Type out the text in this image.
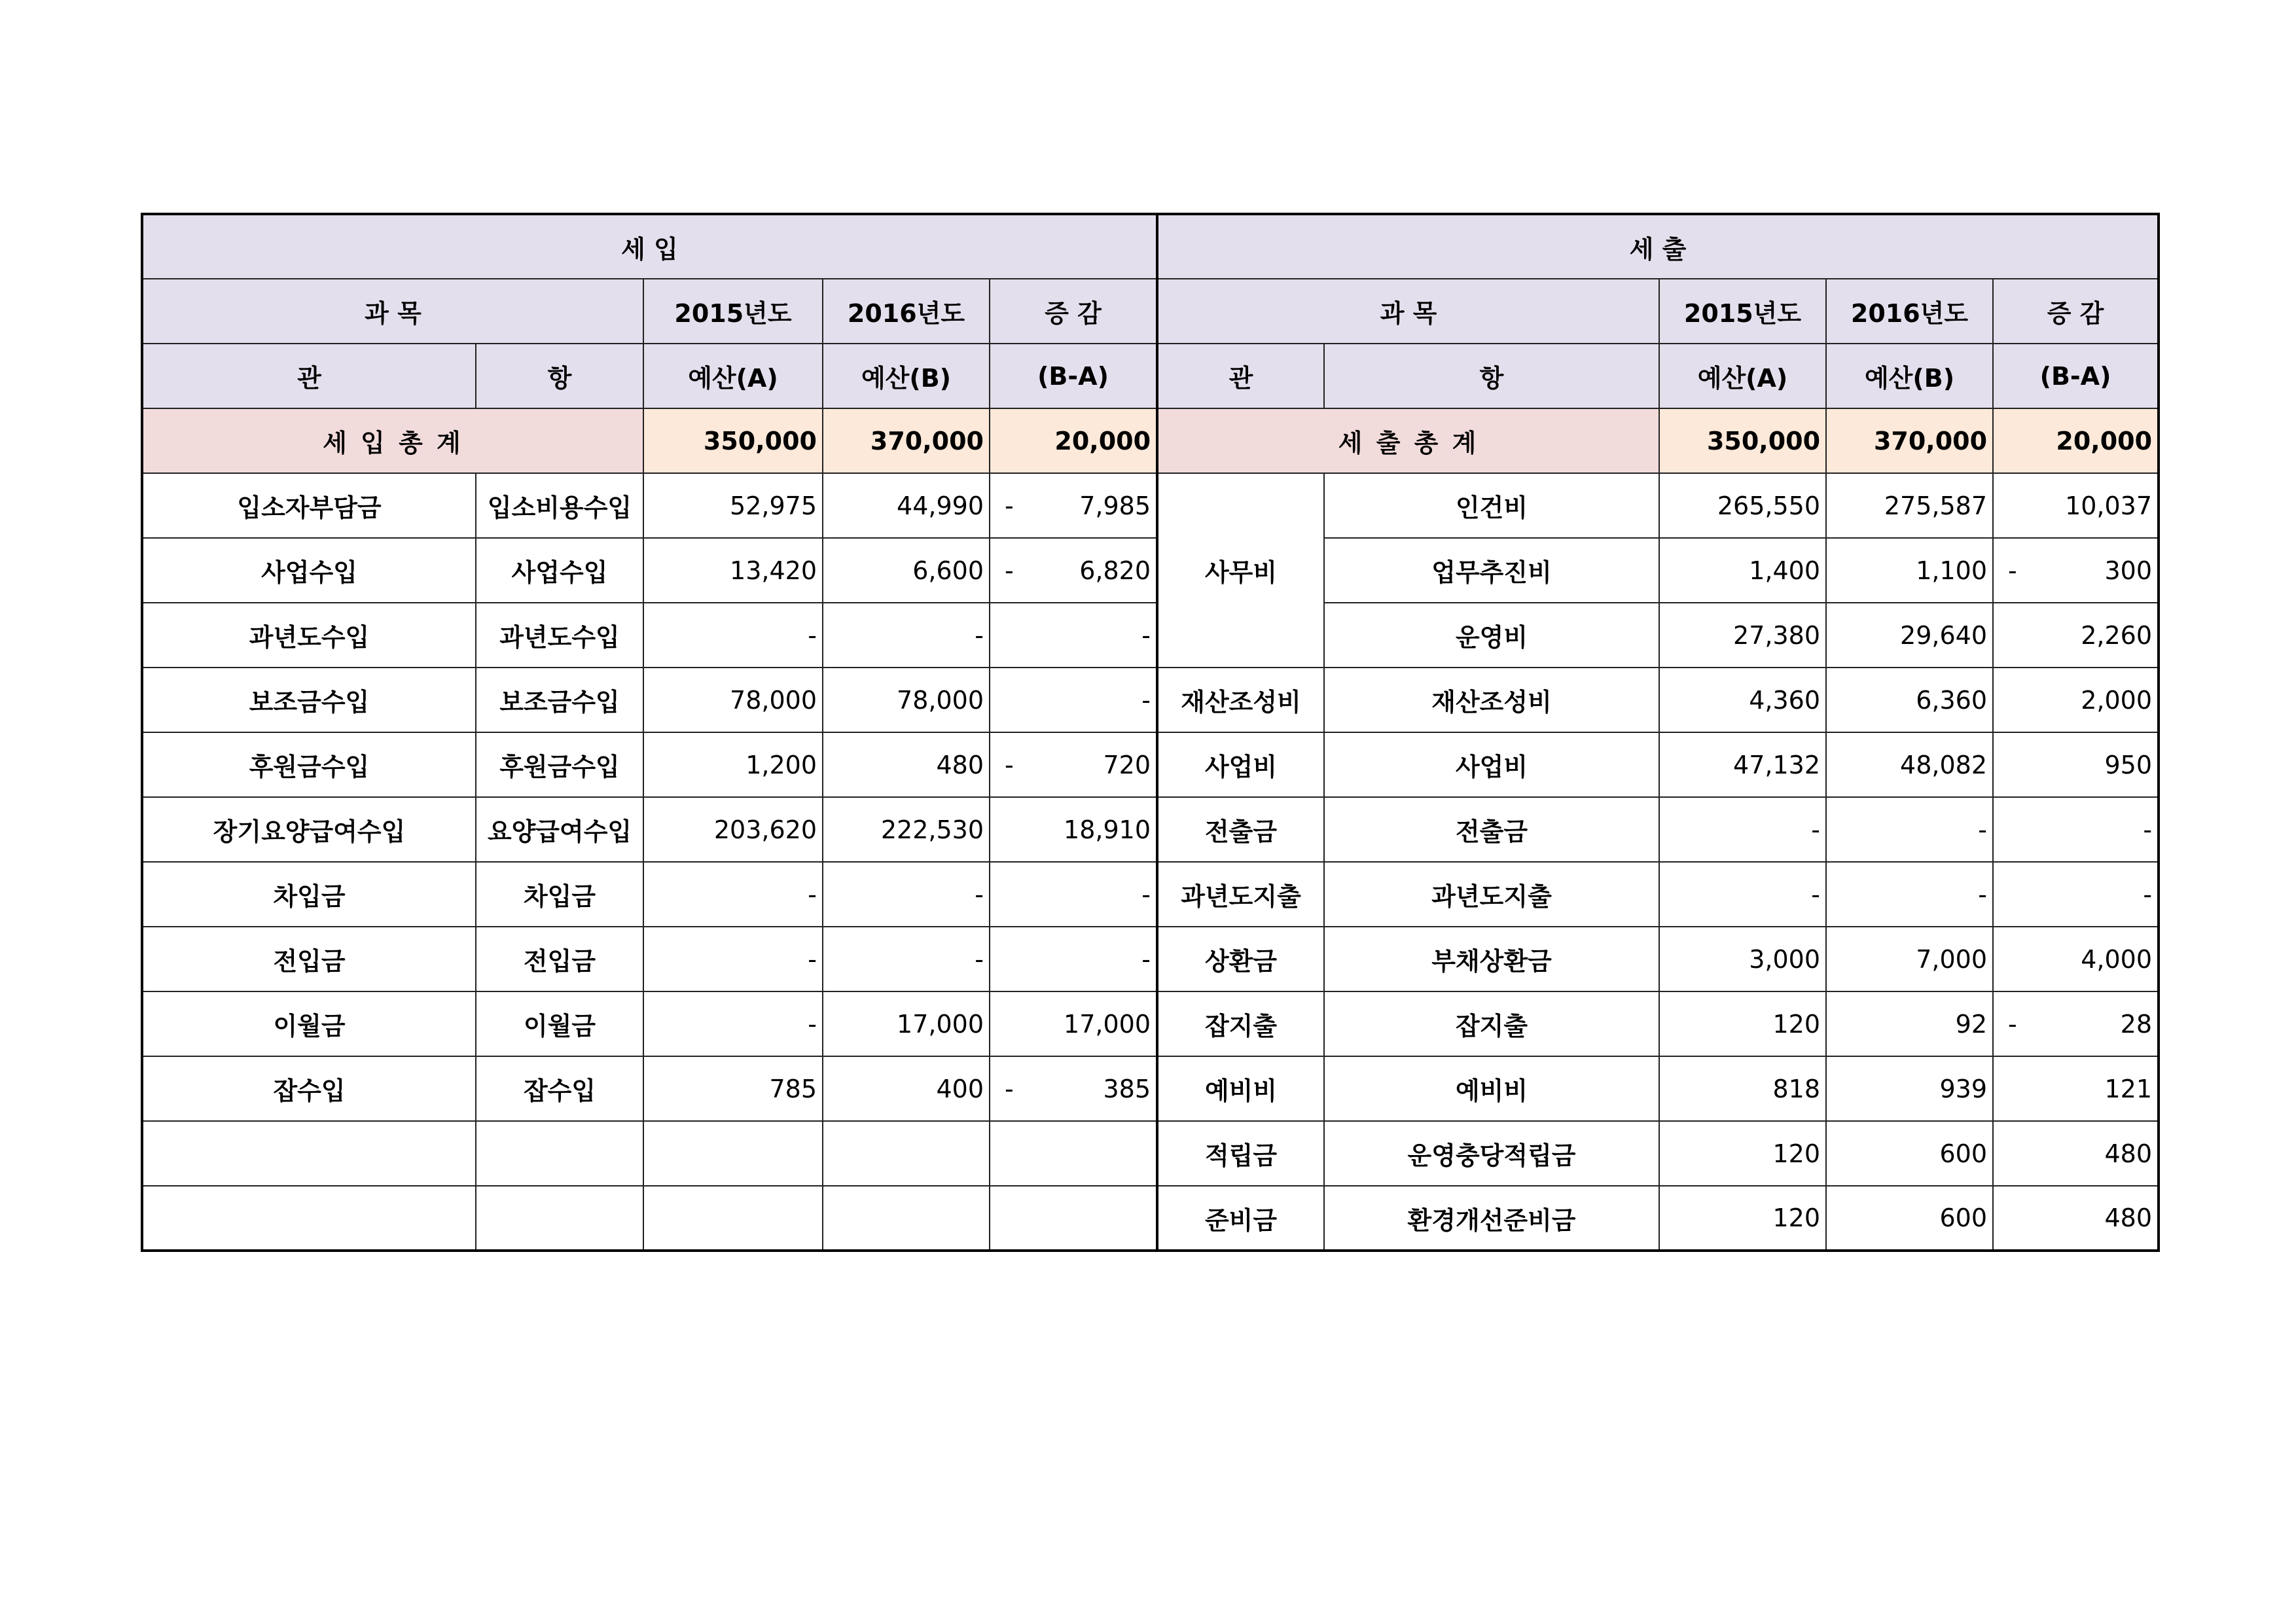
세 입					세 출				
과 목		2015년도	2016년도	증 감	과 목		2015년도	2016년도	증 감
관	항	예산(A)	예산(B)	(B-A)	관	항	예산(A)	예산(B)	(B-A)
세 입 총 계		350,000	370,000	20,000	세 출 총 계		350,000	370,000	20,000
입소자부담금	입소비용수입	52,975	44,990	- 7,985	사무비	인건비	265,550	275,587	10,037
사업수입	사업수입	13,420	6,600	- 6,820		업무추진비	1,400	1,100	- 300
과년도수입	과년도수입	-	-	-		운영비	27,380	29,640	2,260
보조금수입	보조금수입	78,000	78,000	-	재산조성비	재산조성비	4,360	6,360	2,000
후원금수입	후원금수입	1,200	480	- 720	사업비	사업비	47,132	48,082	950
장기요양급여수입	요양급여수입	203,620	222,530	18,910	전출금	전출금	-	-	-
차입금	차입금	-	-	-	과년도지출	과년도지출	-	-	-
전입금	전입금	-	-	-	상환금	부채상환금	3,000	7,000	4,000
이월금	이월금	-	17,000	17,000	잡지출	잡지출	120	92	- 28
잡수입	잡수입	785	400	- 385	예비비	예비비	818	939	121
					적립금	운영충당적립금	120	600	480
					준비금	환경개선준비금	120	600	480
